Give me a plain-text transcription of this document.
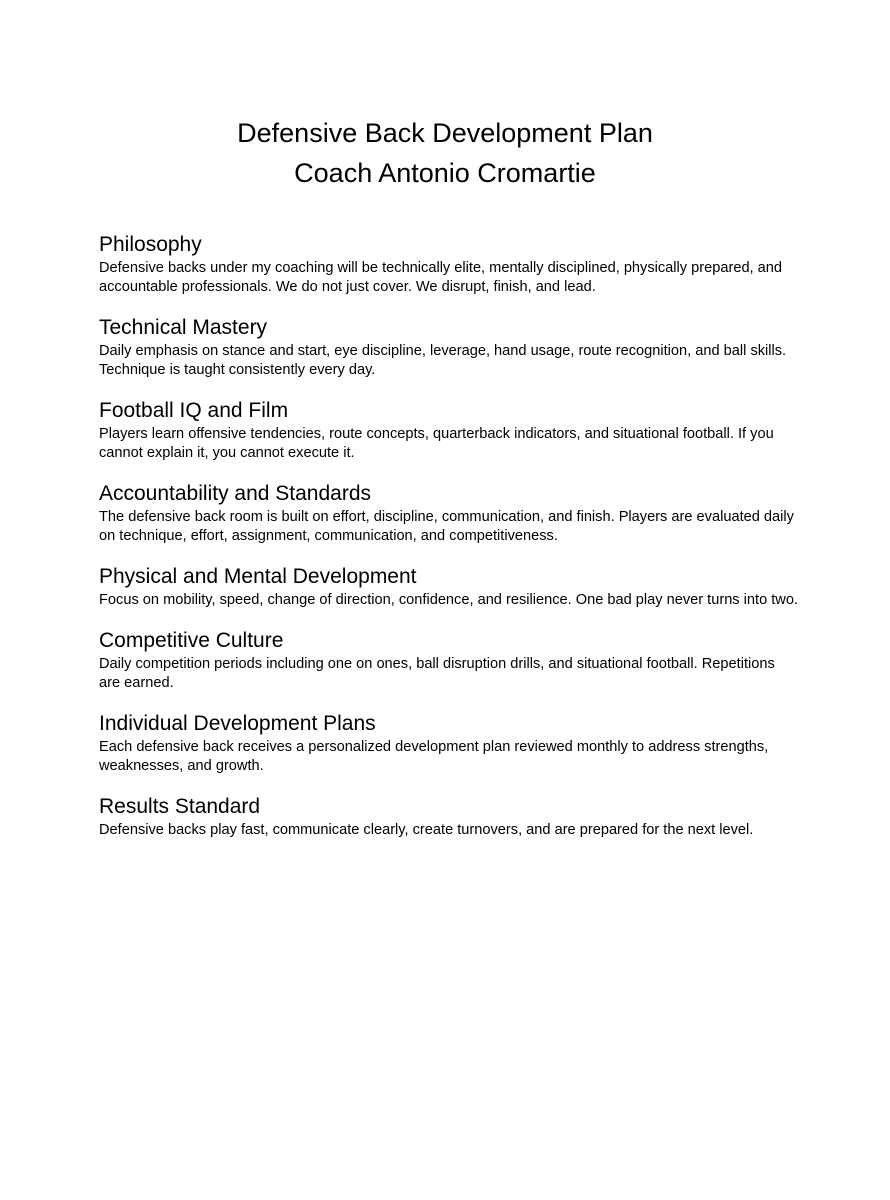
Defensive Back Development Plan
Coach Antonio Cromartie
Philosophy

Defensive backs under my coaching will be technically elite, mentally disciplined, physically prepared, and accountable professionals. We do not just cover. We disrupt, finish, and lead.

Technical Mastery

Daily emphasis on stance and start, eye discipline, leverage, hand usage, route recognition, and ball skills. Technique is taught consistently every day.

Football IQ and Film

Players learn offensive tendencies, route concepts, quarterback indicators, and situational football. If you cannot explain it, you cannot execute it.

Accountability and Standards

The defensive back room is built on effort, discipline, communication, and finish. Players are evaluated daily on technique, effort, assignment, communication, and competitiveness.

Physical and Mental Development

Focus on mobility, speed, change of direction, confidence, and resilience. One bad play never turns into two.

Competitive Culture

Daily competition periods including one on ones, ball disruption drills, and situational football. Repetitions are earned.

Individual Development Plans

Each defensive back receives a personalized development plan reviewed monthly to address strengths, weaknesses, and growth.

Results Standard

Defensive backs play fast, communicate clearly, create turnovers, and are prepared for the next level.
